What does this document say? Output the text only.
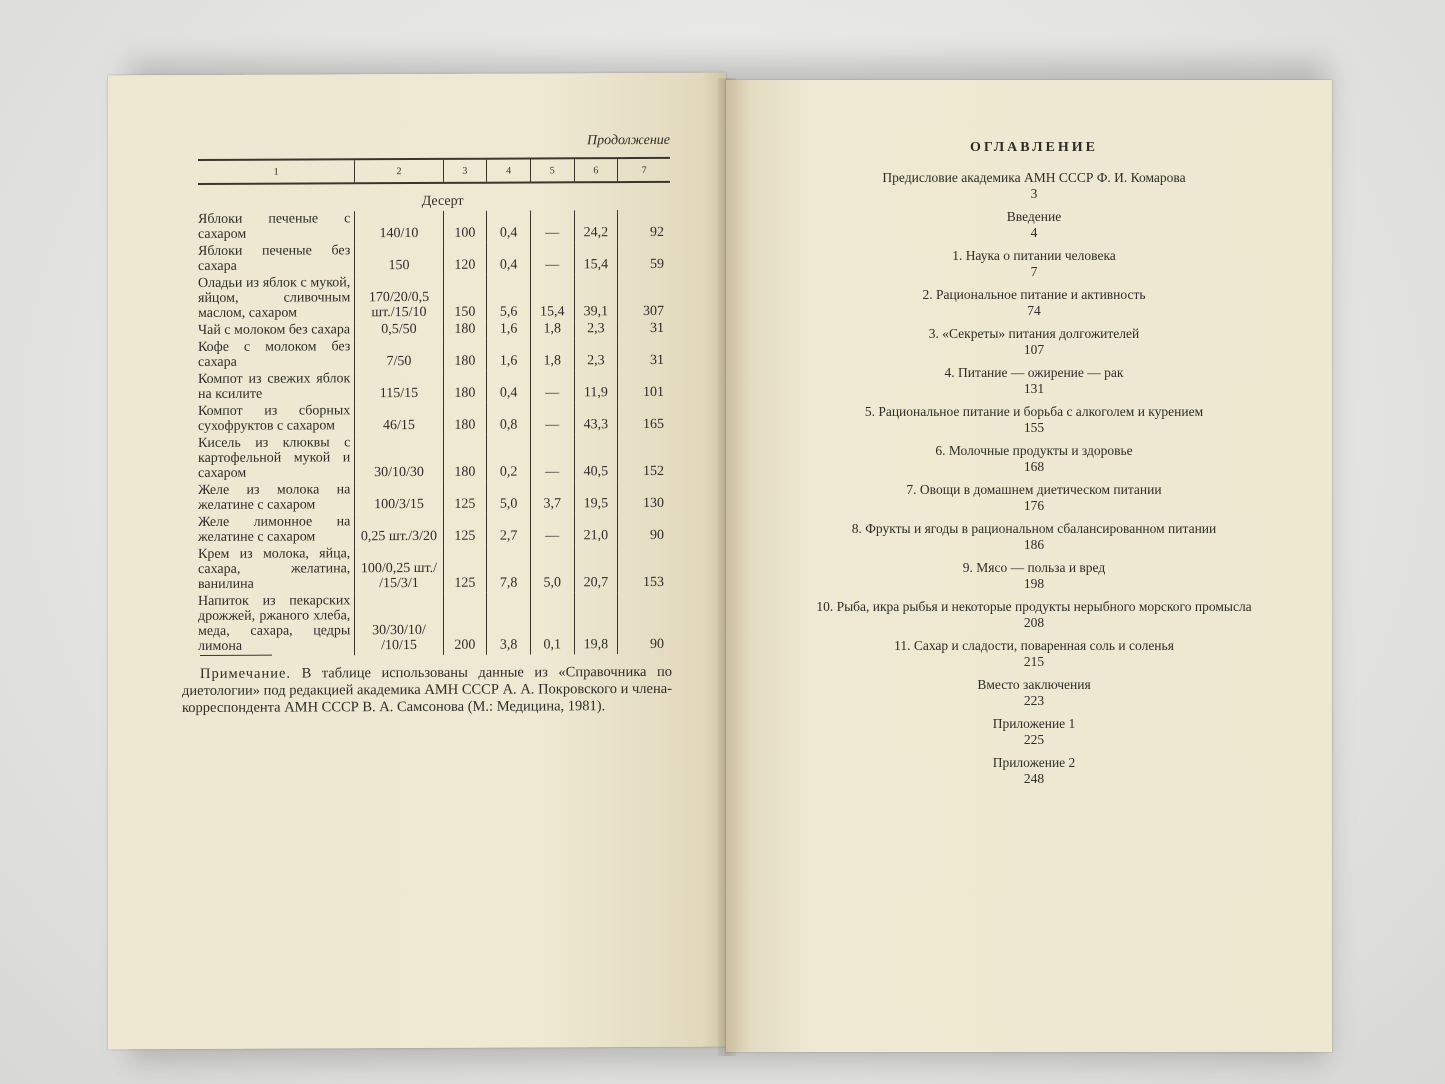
Продолжение
1	2	3	4	5	6	7
	Десерт					
Яблоки печеные с сахаром	140/10	100	0,4	—	24,2	92
Яблоки печеные без сахара	150	120	0,4	—	15,4	59
Оладьи из яблок с мукой, яйцом, сливочным маслом, сахаром	170/20/0,5 шт./15/10	150	5,6	15,4	39,1	307
Чай с молоком без сахара	0,5/50	180	1,6	1,8	2,3	31
Кофе с молоком без сахара	7/50	180	1,6	1,8	2,3	31
Компот из свежих яблок на ксилите	115/15	180	0,4	—	11,9	101
Компот из сборных сухофруктов с сахаром	46/15	180	0,8	—	43,3	165
Кисель из клюквы с картофельной мукой и сахаром	30/10/30	180	0,2	—	40,5	152
Желе из молока на желатине с сахаром	100/3/15	125	5,0	3,7	19,5	130
Желе лимонное на желатине с сахаром	0,25 шт./3/20	125	2,7	—	21,0	90
Крем из молока, яйца, сахара, желатина, ванилина	100/0,25 шт./ /15/3/1	125	7,8	5,0	20,7	153
Напиток из пекарских дрожжей, ржаного хлеба, меда, сахара, цедры лимона	30/30/10/ /10/15	200	3,8	0,1	19,8	90
Примечание. В таблице использованы данные из «Справочника по диетологии» под редакцией академика АМН СССР А. А. Покровского и члена-корреспондента АМН СССР В. А. Самсонова (М.: Медицина, 1981).
ОГЛАВЛЕНИЕ
Предисловие академика АМН СССР Ф. И. Комарова
3
Введение
4
1. Наука о питании человека
7
2. Рациональное питание и активность
74
3. «Секреты» питания долгожителей
107
4. Питание — ожирение — рак
131
5. Рациональное питание и борьба с алкоголем и курением
155
6. Молочные продукты и здоровье
168
7. Овощи в домашнем диетическом питании
176
8. Фрукты и ягоды в рациональном сбалансированном питании
186
9. Мясо — польза и вред
198
10. Рыба, икра рыбья и некоторые продукты нерыбного морского промысла
208
11. Сахар и сладости, поваренная соль и соленья
215
Вместо заключения
223
Приложение 1
225
Приложение 2
248
